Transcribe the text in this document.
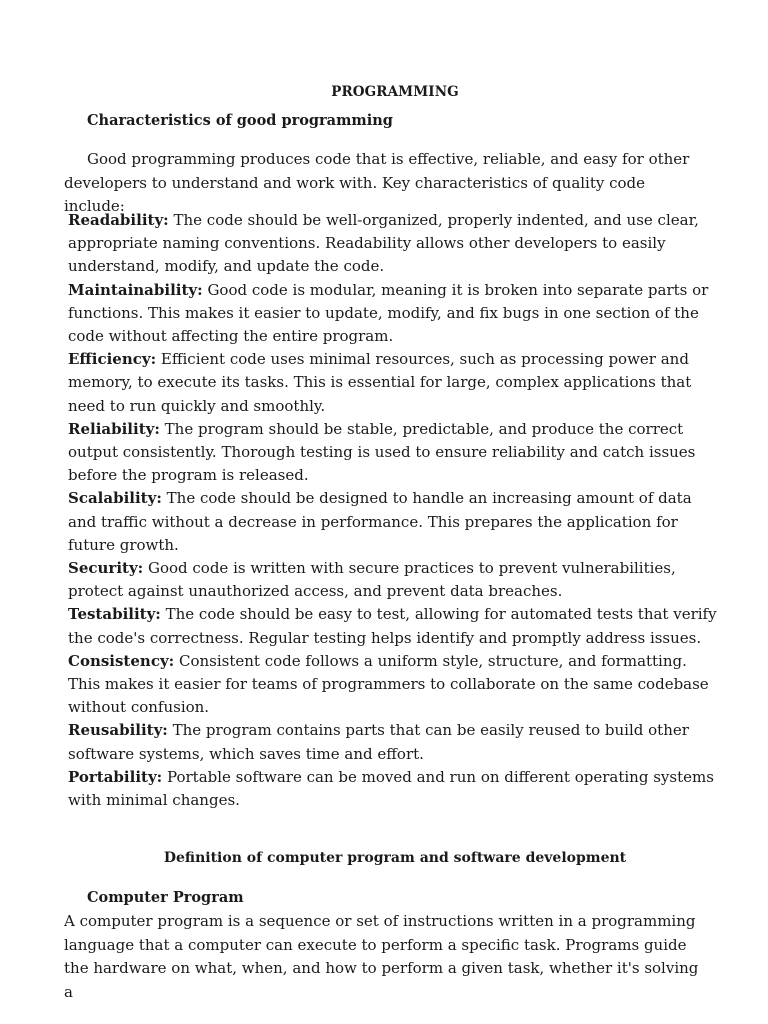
PROGRAMMING
Characteristics of good programming
Good programming produces code that is effective, reliable, and easy for other developers to understand and work with. Key characteristics of quality code include:

Readability: The code should be well-organized, properly indented, and use clear, appropriate naming conventions. Readability allows other developers to easily understand, modify, and update the code.

Maintainability: Good code is modular, meaning it is broken into separate parts or functions. This makes it easier to update, modify, and fix bugs in one section of the code without affecting the entire program.

Efficiency: Efficient code uses minimal resources, such as processing power and memory, to execute its tasks. This is essential for large, complex applications that need to run quickly and smoothly.

Reliability: The program should be stable, predictable, and produce the correct output consistently. Thorough testing is used to ensure reliability and catch issues before the program is released.

Scalability: The code should be designed to handle an increasing amount of data and traffic without a decrease in performance. This prepares the application for future growth.

Security: Good code is written with secure practices to prevent vulnerabilities, protect against unauthorized access, and prevent data breaches.

Testability: The code should be easy to test, allowing for automated tests that verify the code's correctness. Regular testing helps identify and promptly address issues.

Consistency: Consistent code follows a uniform style, structure, and formatting. This makes it easier for teams of programmers to collaborate on the same codebase without confusion.

Reusability: The program contains parts that can be easily reused to build other software systems, which saves time and effort.

Portability: Portable software can be moved and run on different operating systems with minimal changes.

Definition of computer program and software development
Computer Program
A computer program is a sequence or set of instructions written in a programming language that a computer can execute to perform a specific task. Programs guide the hardware on what, when, and how to perform a given task, whether it's solving a
